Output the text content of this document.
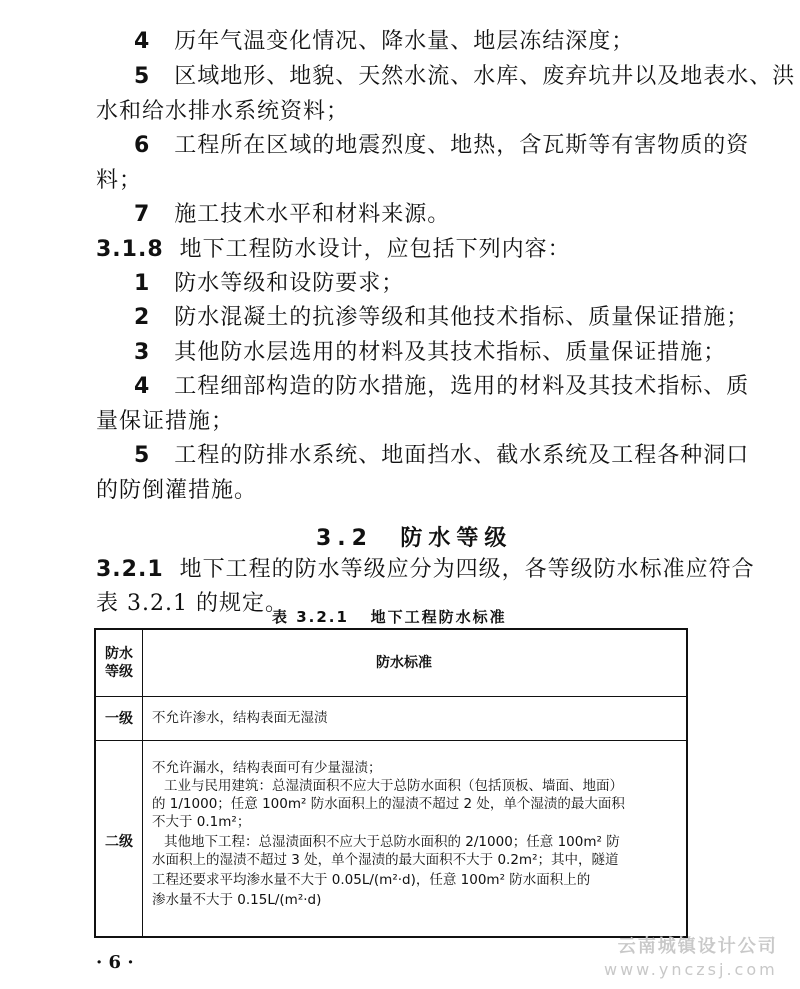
4 历年气温变化情况、降水量、地层冻结深度；
5 区域地形、地貌、天然水流、水库、废弃坑井以及地表水、洪
水和给水排水系统资料；
6 工程所在区域的地震烈度、地热，含瓦斯等有害物质的资
料；
7 施工技术水平和材料来源。
3.1.8 地下工程防水设计，应包括下列内容：
1 防水等级和设防要求；
2 防水混凝土的抗渗等级和其他技术指标、质量保证措施；
3 其他防水层选用的材料及其技术指标、质量保证措施；
4 工程细部构造的防水措施，选用的材料及其技术指标、质
量保证措施；
5 工程的防排水系统、地面挡水、截水系统及工程各种洞口
的防倒灌措施。
3.2 防水等级
3.2.1 地下工程的防水等级应分为四级，各等级防水标准应符合
表 3.2.1 的规定。
表 3.2.1 地下工程防水标准
防水
等级
防水标准
一级	不允许渗水，结构表面无湿渍
二级
不允许漏水，结构表面可有少量湿渍；
工业与民用建筑：总湿渍面积不应大于总防水面积（包括顶板、墙面、地面）
的 1/1000；任意 100m² 防水面积上的湿渍不超过 2 处，单个湿渍的最大面积
不大于 0.1m²；
其他地下工程：总湿渍面积不应大于总防水面积的 2/1000；任意 100m² 防
水面积上的湿渍不超过 3 处，单个湿渍的最大面积不大于 0.2m²；其中，隧道
工程还要求平均渗水量不大于 0.05L/(m²·d)，任意 100m² 防水面积上的
渗水量不大于 0.15L/(m²·d)
· 6 ·
云南城镇设计公司
www.ynczsj.com
